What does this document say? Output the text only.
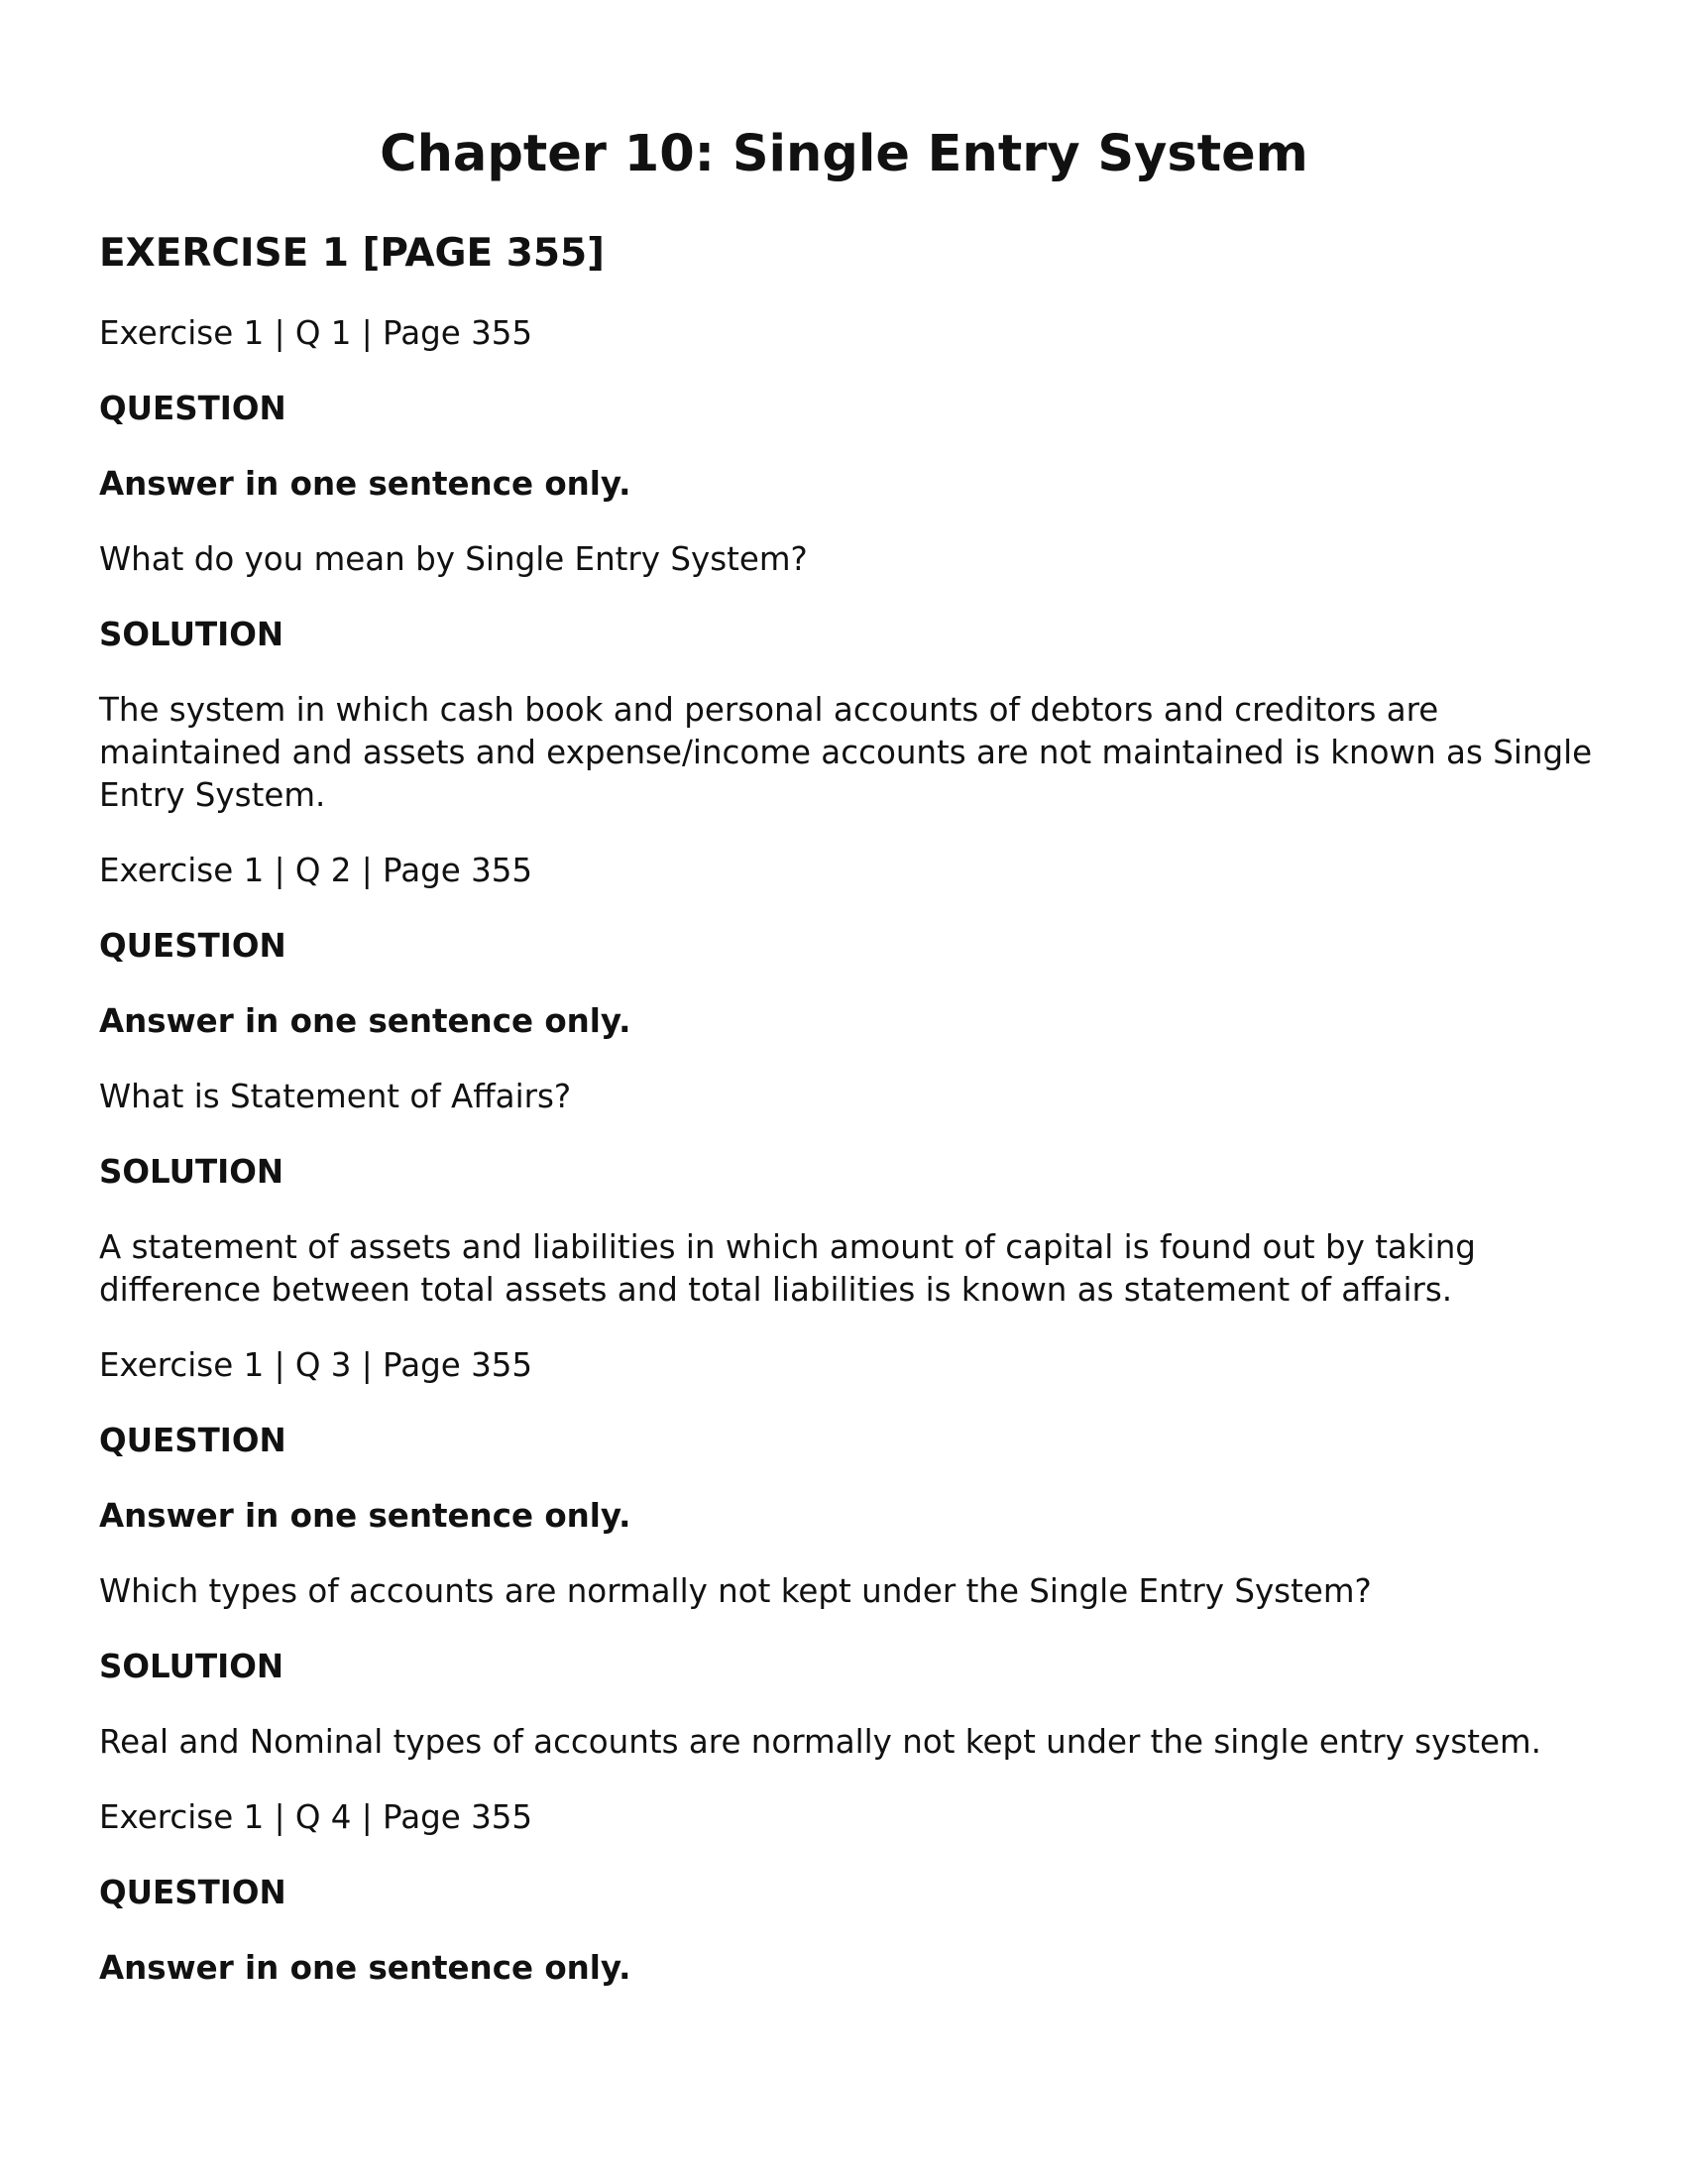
Chapter 10: Single Entry System
EXERCISE 1 [PAGE 355]

Exercise 1 | Q 1 | Page 355

QUESTION

Answer in one sentence only.

What do you mean by Single Entry System?

SOLUTION

The system in which cash book and personal accounts of debtors and creditors are maintained and assets and expense/income accounts are not maintained is known as Single Entry System.

Exercise 1 | Q 2 | Page 355

QUESTION

Answer in one sentence only.

What is Statement of Affairs?

SOLUTION

A statement of assets and liabilities in which amount of capital is found out by taking difference between total assets and total liabilities is known as statement of affairs.

Exercise 1 | Q 3 | Page 355

QUESTION

Answer in one sentence only.

Which types of accounts are normally not kept under the Single Entry System?

SOLUTION

Real and Nominal types of accounts are normally not kept under the single entry system.

Exercise 1 | Q 4 | Page 355

QUESTION

Answer in one sentence only.
